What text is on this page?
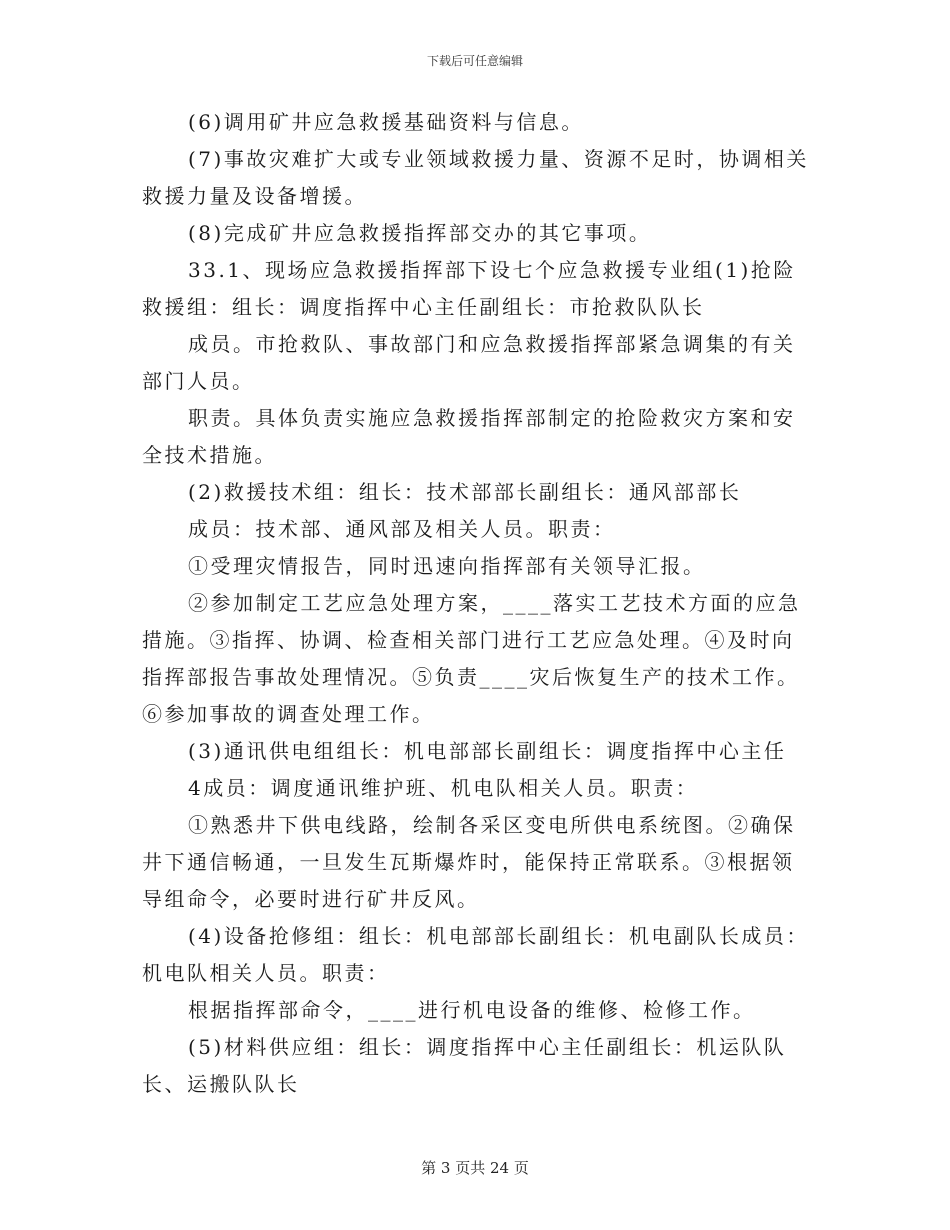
下载后可任意编辑

(6)调用矿井应急救援基础资料与信息。

(7)事故灾难扩大或专业领域救援力量、资源不足时，协调相关救援力量及设备增援。

(8)完成矿井应急救援指挥部交办的其它事项。

33.1、现场应急救援指挥部下设七个应急救援专业组(1)抢险救援组：组长：调度指挥中心主任副组长：市抢救队队长

成员。市抢救队、事故部门和应急救援指挥部紧急调集的有关部门人员。

职责。具体负责实施应急救援指挥部制定的抢险救灾方案和安全技术措施。

(2)救援技术组：组长：技术部部长副组长：通风部部长

成员：技术部、通风部及相关人员。职责：

①受理灾情报告，同时迅速向指挥部有关领导汇报。

②参加制定工艺应急处理方案，____落实工艺技术方面的应急措施。③指挥、协调、检查相关部门进行工艺应急处理。④及时向指挥部报告事故处理情况。⑤负责____灾后恢复生产的技术工作。⑥参加事故的调查处理工作。

(3)通讯供电组组长：机电部部长副组长：调度指挥中心主任

4成员：调度通讯维护班、机电队相关人员。职责：

①熟悉井下供电线路，绘制各采区变电所供电系统图。②确保井下通信畅通，一旦发生瓦斯爆炸时，能保持正常联系。③根据领导组命令，必要时进行矿井反风。

(4)设备抢修组：组长：机电部部长副组长：机电副队长成员：机电队相关人员。职责：

根据指挥部命令，____进行机电设备的维修、检修工作。

(5)材料供应组：组长：调度指挥中心主任副组长：机运队队长、运搬队队长

第 3 页共 24 页
